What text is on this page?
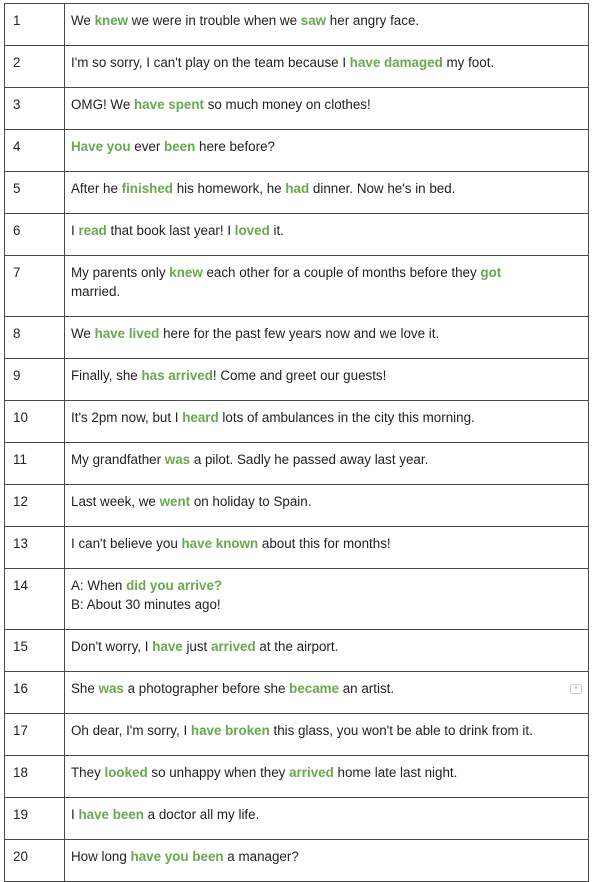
1	We knew we were in trouble when we saw her angry face.

2	I'm so sorry, I can't play on the team because I have damaged my foot.

3	OMG! We have spent so much money on clothes!

4	Have you ever been here before?

5	After he finished his homework, he had dinner. Now he's in bed.

6	I read that book last year! I loved it.

7	My parents only knew each other for a couple of months before they got
married.

8	We have lived here for the past few years now and we love it.

9	Finally, she has arrived! Come and greet our guests!

10	It's 2pm now, but I heard lots of ambulances in the city this morning.

11	My grandfather was a pilot. Sadly he passed away last year.

12	Last week, we went on holiday to Spain.

13	I can't believe you have known about this for months!

14	A: When did you arrive?
B: About 30 minutes ago!

15	Don't worry, I have just arrived at the airport.

16	She was a photographer before she became an artist. ▾

17	Oh dear, I'm sorry, I have broken this glass, you won't be able to drink from it.

18	They looked so unhappy when they arrived home late last night.

19	I have been a doctor all my life.

20	How long have you been a manager?
